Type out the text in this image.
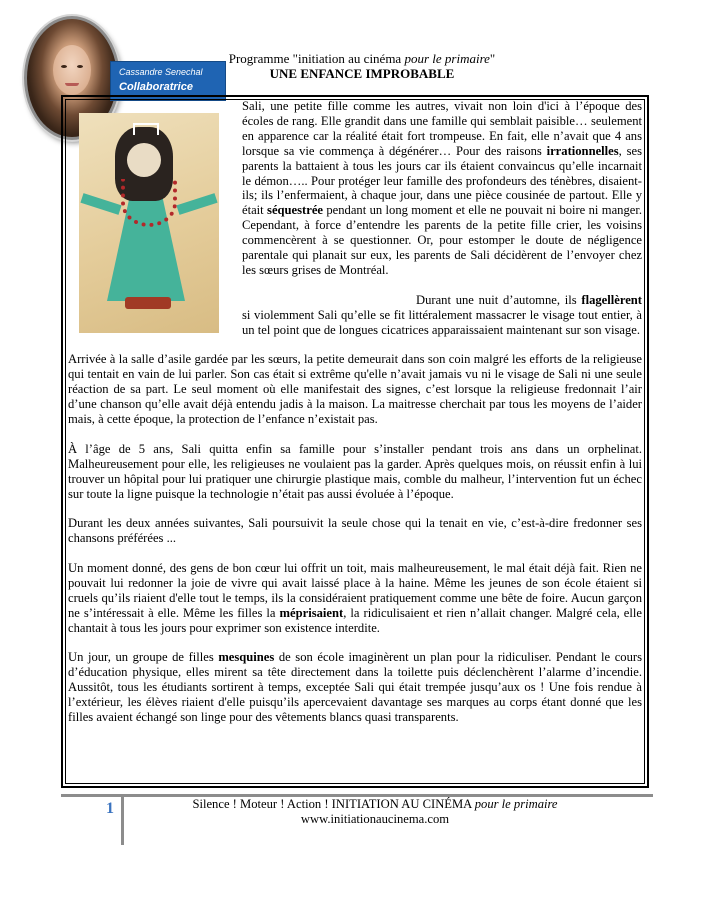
Cassandre Senechal
Collaboratrice
Programme "initiation au cinéma pour le primaire"
UNE ENFANCE IMPROBABLE

Sali, une petite fille comme les autres, vivait non loin d'ici à l’époque des écoles de rang. Elle grandit dans une famille qui semblait paisible… seulement en apparence car la réalité était fort trompeuse. En fait, elle n’avait que 4 ans lorsque sa vie commença à dégénérer… Pour des raisons irrationnelles, ses parents la battaient à tous les jours car ils étaient convaincus qu’elle incarnait le démon….. Pour protéger leur famille des profondeurs des ténèbres, disaient-ils; ils l’enfermaient, à chaque jour, dans une pièce cousinée de partout. Elle y était séquestrée pendant un long moment et elle ne pouvait ni boire ni manger. Cependant, à force d’entendre les parents de la petite fille crier, les voisins commencèrent à se questionner. Or, pour estomper le doute de négligence parentale qui planait sur eux, les parents de Sali décidèrent de l’envoyer chez les sœurs grises de Montréal.

Durant une nuit d’automne, ils flagellèrent si violemment Sali qu’elle se fit littéralement massacrer le visage tout entier, à un tel point que de longues cicatrices apparaissaient maintenant sur son visage.

Arrivée à la salle d’asile gardée par les sœurs, la petite demeurait dans son coin malgré les efforts de la religieuse qui tentait en vain de lui parler. Son cas était si extrême qu'elle n’avait jamais vu ni le visage de Sali ni une seule réaction de sa part. Le seul moment où elle manifestait des signes, c’est lorsque la religieuse fredonnait l’air d’une chanson qu’elle avait déjà entendu jadis à la maison. La maitresse cherchait par tous les moyens de l’aider mais, à cette époque, la protection de l’enfance n’existait pas.

À l’âge de 5 ans, Sali quitta enfin sa famille pour s’installer pendant trois ans dans un orphelinat. Malheureusement pour elle, les religieuses ne voulaient pas la garder. Après quelques mois, on réussit enfin à lui trouver un hôpital pour lui pratiquer une chirurgie plastique mais, comble du malheur, l’intervention fut un échec sur toute la ligne puisque la technologie n’était pas aussi évoluée à l’époque.

Durant les deux années suivantes, Sali poursuivit la seule chose qui la tenait en vie, c’est-à-dire fredonner ses chansons préférées ...

Un moment donné, des gens de bon cœur lui offrit un toit, mais malheureusement, le mal était déjà fait. Rien ne pouvait lui redonner la joie de vivre qui avait laissé place à la haine. Même les jeunes de son école étaient si cruels qu’ils riaient d'elle tout le temps, ils la considéraient pratiquement comme une bête de foire. Aucun garçon ne s’intéressait à elle. Même les filles la méprisaient, la ridiculisaient et rien n’allait changer. Malgré cela, elle chantait à tous les jours pour exprimer son existence interdite.

Un jour, un groupe de filles mesquines de son école imaginèrent un plan pour la ridiculiser. Pendant le cours d’éducation physique, elles mirent sa tête directement dans la toilette puis déclenchèrent l’alarme d’incendie. Aussitôt, tous les étudiants sortirent à temps, exceptée Sali qui était trempée jusqu’aux os ! Une fois rendue à l’extérieur, les élèves riaient d'elle puisqu’ils apercevaient davantage ses marques au corps étant donné que les filles avaient échangé son linge pour des vêtements blancs quasi transparents.

1	Silence ! Moteur ! Action ! INITIATION AU CINÉMA pour le primaire
www.initiationaucinema.com
